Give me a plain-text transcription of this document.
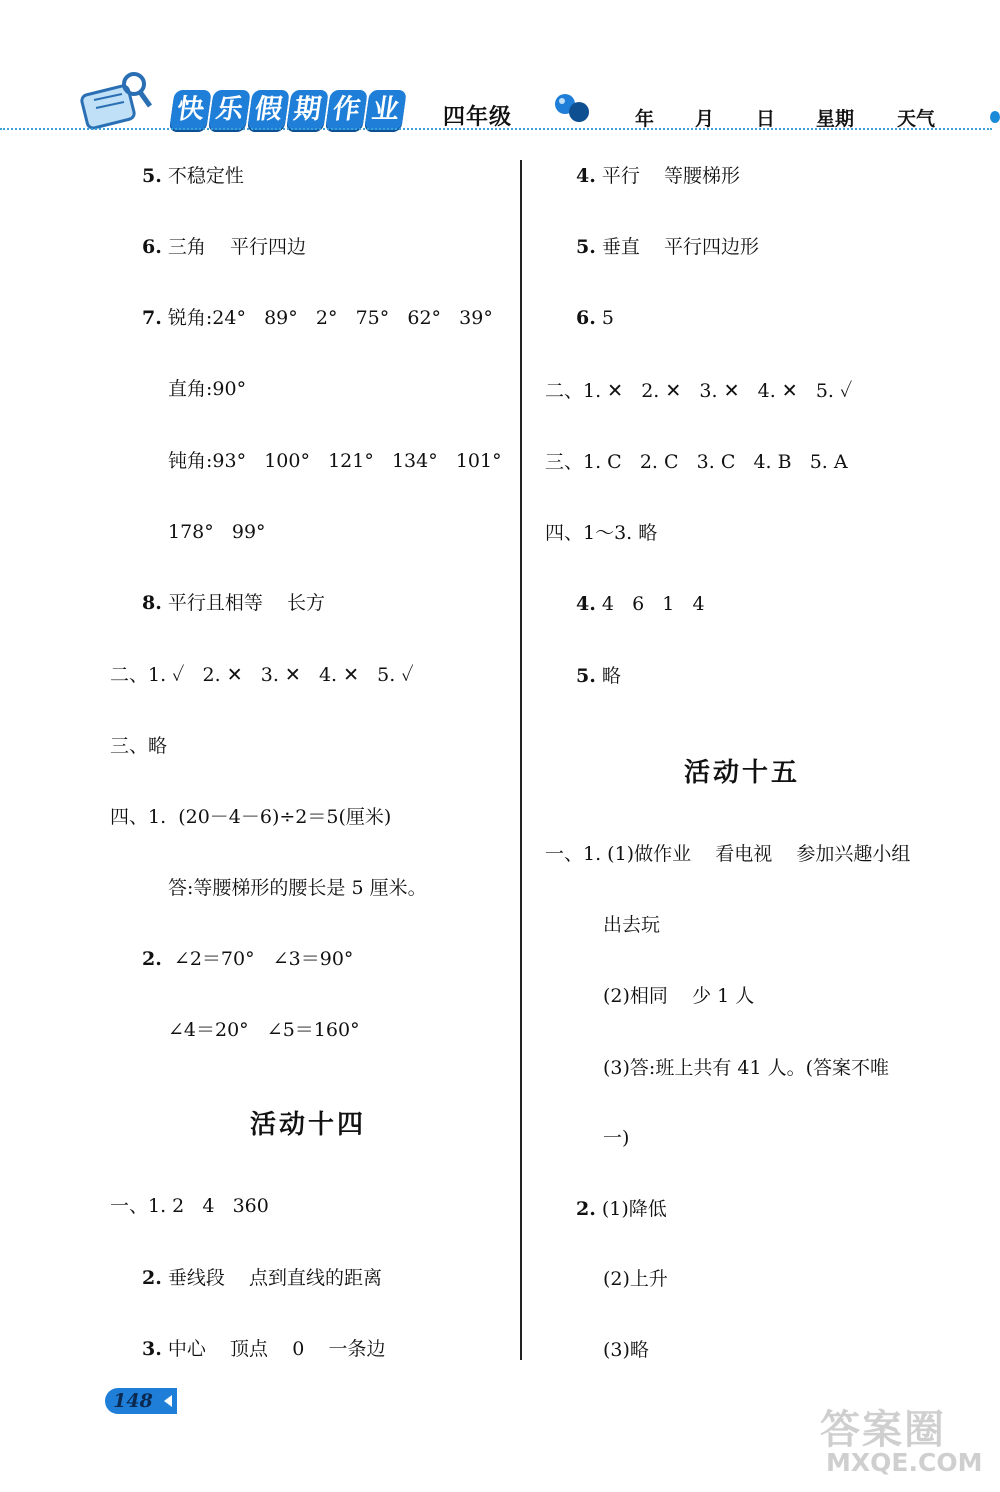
快 乐 假 期 作 业 四年级	年 月 日 星期 天气
5. 不稳定性
6. 三角    平行四边
7. 锐角:24°   89°   2°   75°   62°   39°
直角:90°
钝角:93°   100°   121°   134°   101°
178°   99°
8. 平行且相等    长方
二、1. ✓   2. ✕   3. ✕   4. ✕   5. ✓
三、略
四、1.  (20－4－6)÷2＝5(厘米)
答:等腰梯形的腰长是 5 厘米。
2.  ∠2＝70°   ∠3＝90°
∠4＝20°   ∠5＝160°
活动十四
一、1. 2   4   360
2. 垂线段    点到直线的距离
3. 中心    顶点    0    一条边
4. 平行    等腰梯形
5. 垂直    平行四边形
6. 5
二、1. ✕   2. ✕   3. ✕   4. ✕   5. ✓
三、1. C   2. C   3. C   4. B   5. A
四、1～3. 略
4. 4   6   1   4
5. 略
活动十五
一、1. (1)做作业    看电视    参加兴趣小组
出去玩
(2)相同    少 1 人
(3)答:班上共有 41 人。(答案不唯
一)
2. (1)降低
(2)上升
(3)略
148
答案圈
MXQE.COM
